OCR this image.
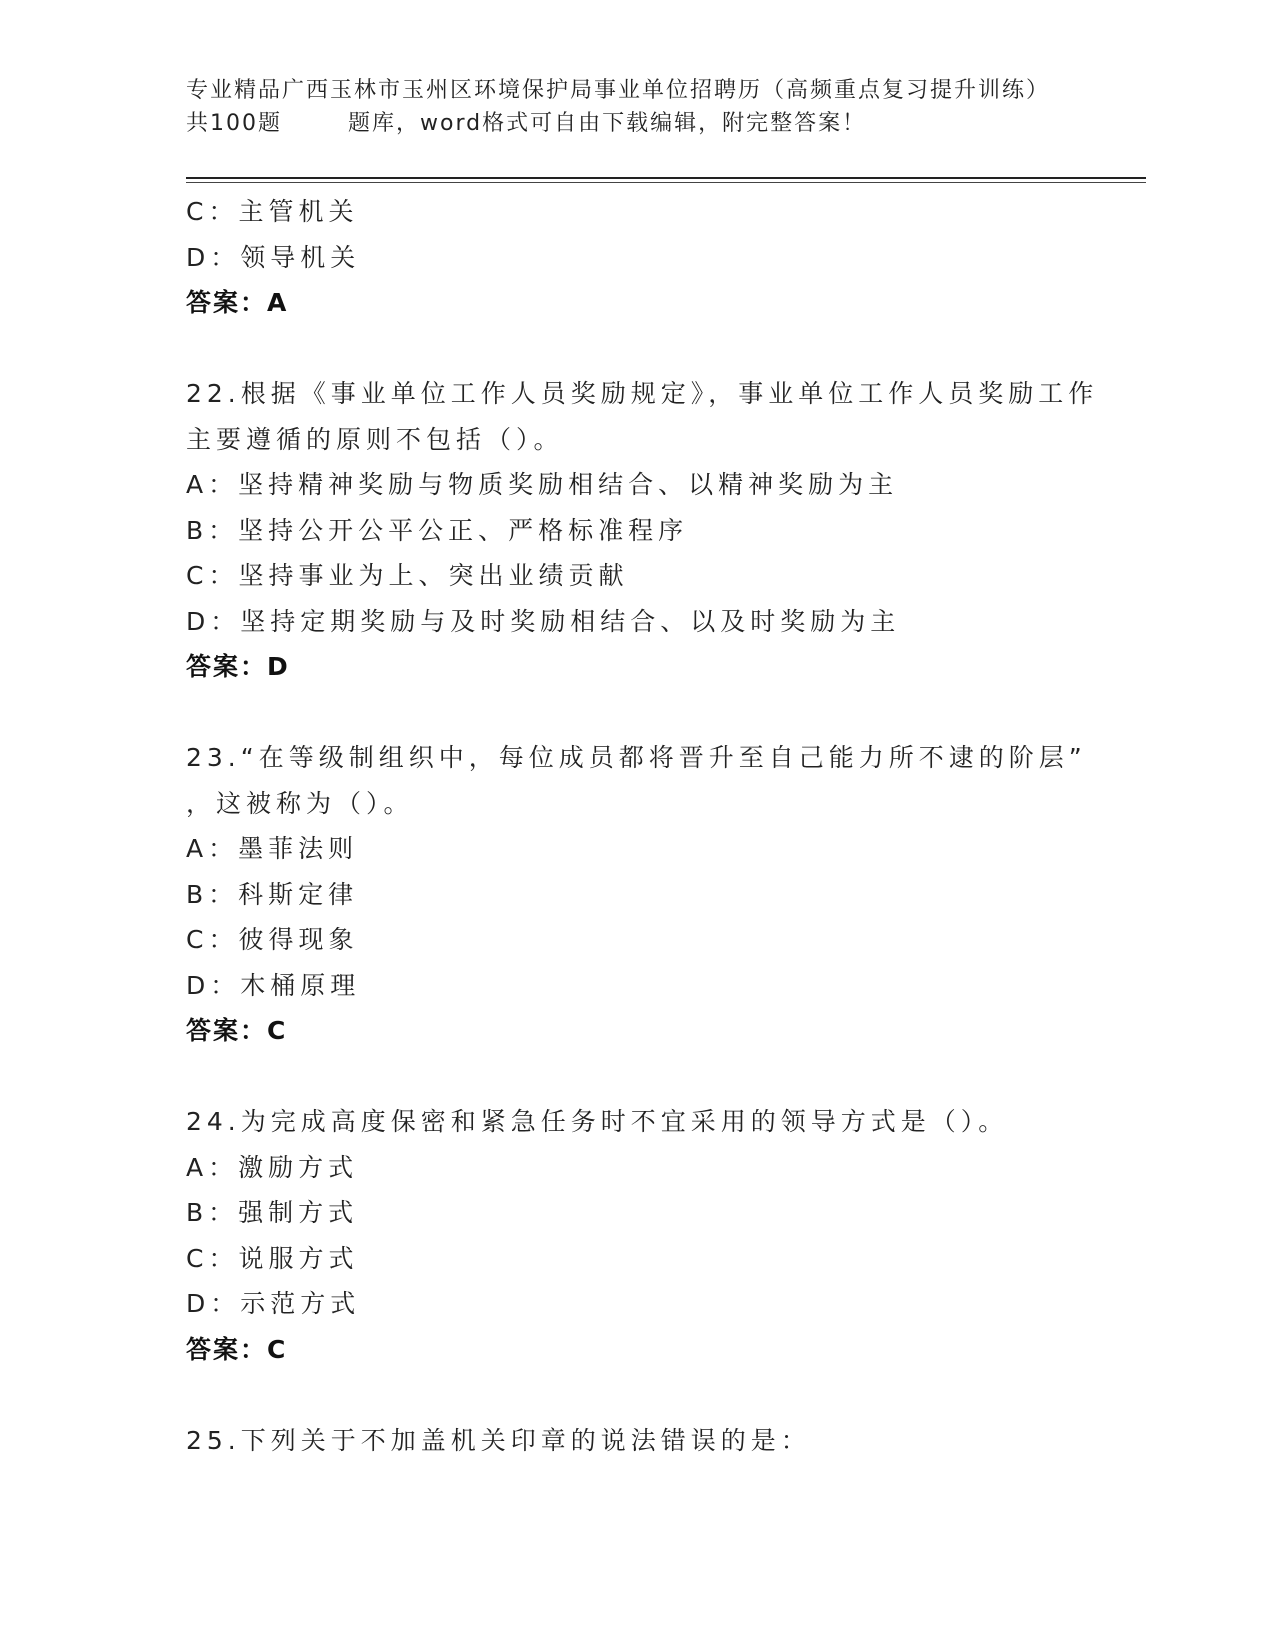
专业精品广西玉林市玉州区环境保护局事业单位招聘历（高频重点复习提升训练）
共100题	题库，word格式可自由下载编辑，附完整答案！
C：主管机关
D：领导机关
答案：A
22.根据《事业单位工作人员奖励规定》，事业单位工作人员奖励工作
主要遵循的原则不包括（）。
A：坚持精神奖励与物质奖励相结合、以精神奖励为主
B：坚持公开公平公正、严格标准程序
C：坚持事业为上、突出业绩贡献
D：坚持定期奖励与及时奖励相结合、以及时奖励为主
答案：D
23.“在等级制组织中，每位成员都将晋升至自己能力所不逮的阶层”
，这被称为（）。
A：墨菲法则
B：科斯定律
C：彼得现象
D：木桶原理
答案：C
24.为完成高度保密和紧急任务时不宜采用的领导方式是（）。
A：激励方式
B：强制方式
C：说服方式
D：示范方式
答案：C
25.下列关于不加盖机关印章的说法错误的是：
